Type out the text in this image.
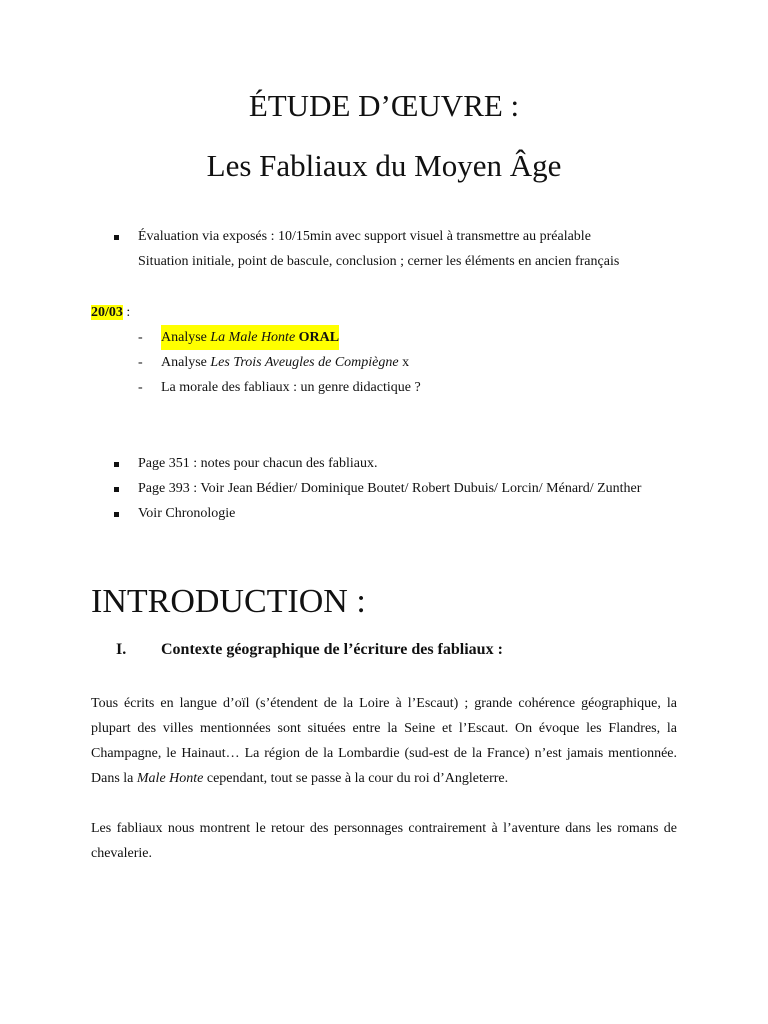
ÉTUDE D’ŒUVRE :
Les Fabliaux du Moyen Âge
Évaluation via exposés : 10/15min avec support visuel à transmettre au préalable
Situation initiale, point de bascule, conclusion ; cerner les éléments en ancien français
20/03 :
- Analyse La Male Honte ORAL
- Analyse Les Trois Aveugles de Compiègne x
- La morale des fabliaux : un genre didactique ?
Page 351 : notes pour chacun des fabliaux.
Page 393 : Voir Jean Bédier/ Dominique Boutet/ Robert Dubuis/ Lorcin/ Ménard/ Zunther
Voir Chronologie
INTRODUCTION :
I. Contexte géographique de l’écriture des fabliaux :

Tous écrits en langue d’oïl (s’étendent de la Loire à l’Escaut) ; grande cohérence géographique, la plupart des villes mentionnées sont situées entre la Seine et l’Escaut. On évoque les Flandres, la Champagne, le Hainaut… La région de la Lombardie (sud-est de la France) n’est jamais mentionnée. Dans la Male Honte cependant, tout se passe à la cour du roi d’Angleterre.

Les fabliaux nous montrent le retour des personnages contrairement à l’aventure dans les romans de chevalerie.
